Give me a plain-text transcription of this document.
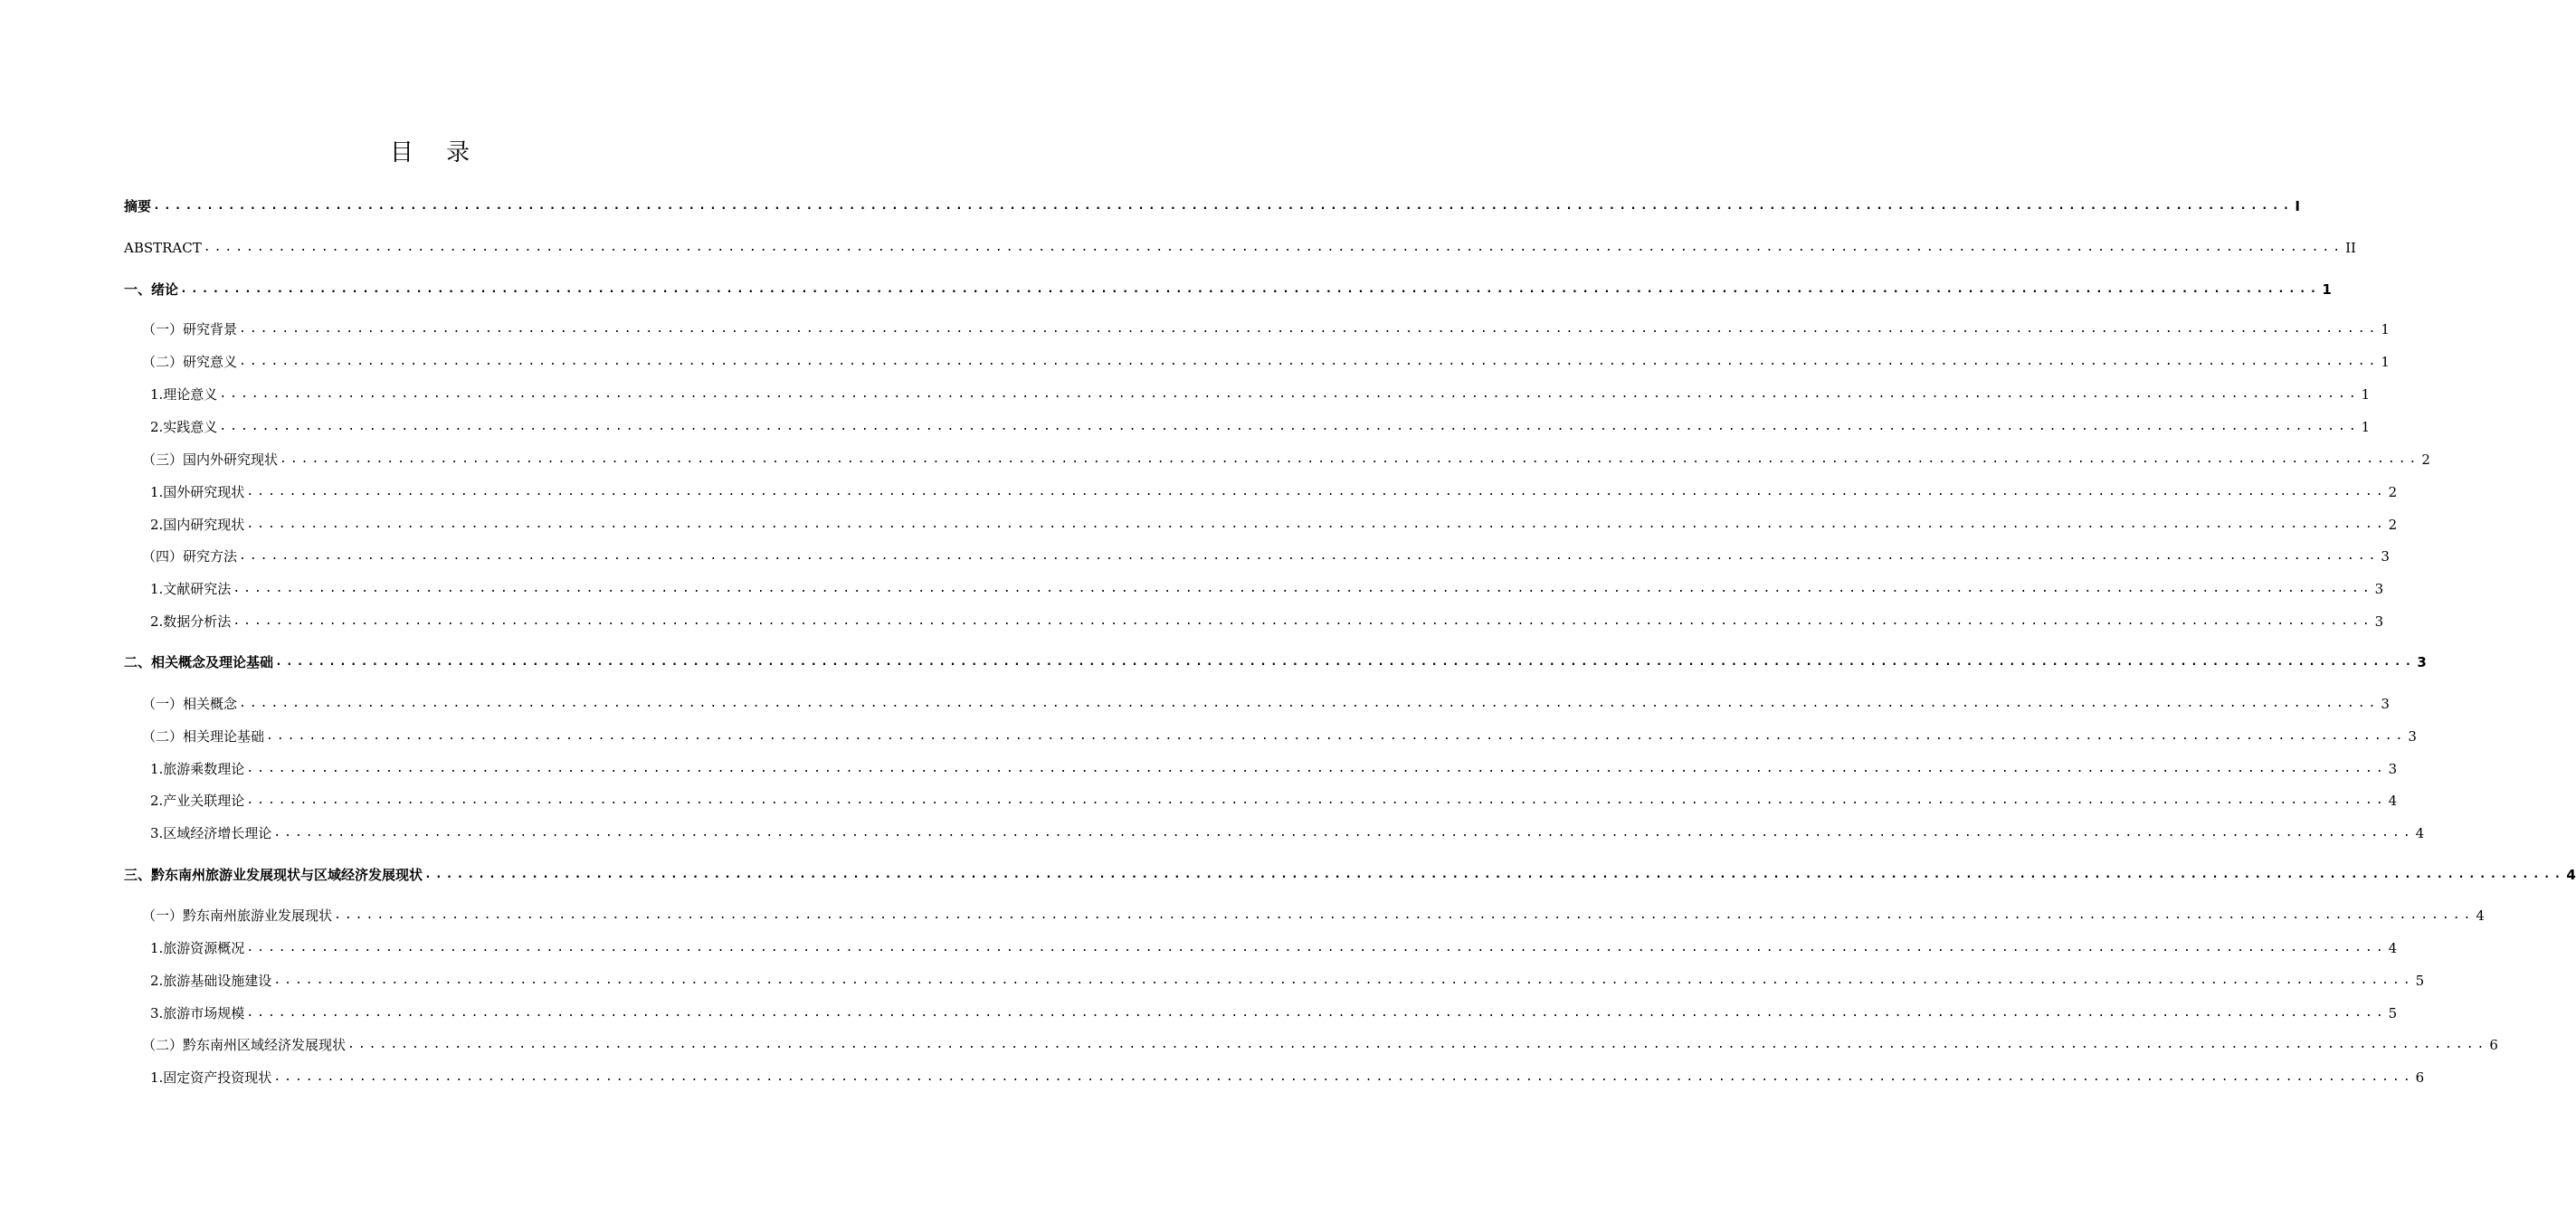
目 录
摘要 ........................................................................................................................................................................................................ I
ABSTRACT ........................................................................................................................................................................................................ II
一、绪论 ........................................................................................................................................................................................................ 1
（一）研究背景 ........................................................................................................................................................................................................ 1
（二）研究意义 ........................................................................................................................................................................................................ 1
1.理论意义 ........................................................................................................................................................................................................ 1
2.实践意义 ........................................................................................................................................................................................................ 1
（三）国内外研究现状 ........................................................................................................................................................................................................ 2
1.国外研究现状 ........................................................................................................................................................................................................ 2
2.国内研究现状 ........................................................................................................................................................................................................ 2
（四）研究方法 ........................................................................................................................................................................................................ 3
1.文献研究法 ........................................................................................................................................................................................................ 3
2.数据分析法 ........................................................................................................................................................................................................ 3
二、相关概念及理论基础 ........................................................................................................................................................................................................ 3
（一）相关概念 ........................................................................................................................................................................................................ 3
（二）相关理论基础 ........................................................................................................................................................................................................ 3
1.旅游乘数理论 ........................................................................................................................................................................................................ 3
2.产业关联理论 ........................................................................................................................................................................................................ 4
3.区域经济增长理论 ........................................................................................................................................................................................................ 4
三、黔东南州旅游业发展现状与区域经济发展现状 ........................................................................................................................................................................................................ 4
（一）黔东南州旅游业发展现状 ........................................................................................................................................................................................................ 4
1.旅游资源概况 ........................................................................................................................................................................................................ 4
2.旅游基础设施建设 ........................................................................................................................................................................................................ 5
3.旅游市场规模 ........................................................................................................................................................................................................ 5
（二）黔东南州区域经济发展现状 ........................................................................................................................................................................................................ 6
1.固定资产投资现状 ........................................................................................................................................................................................................ 6
